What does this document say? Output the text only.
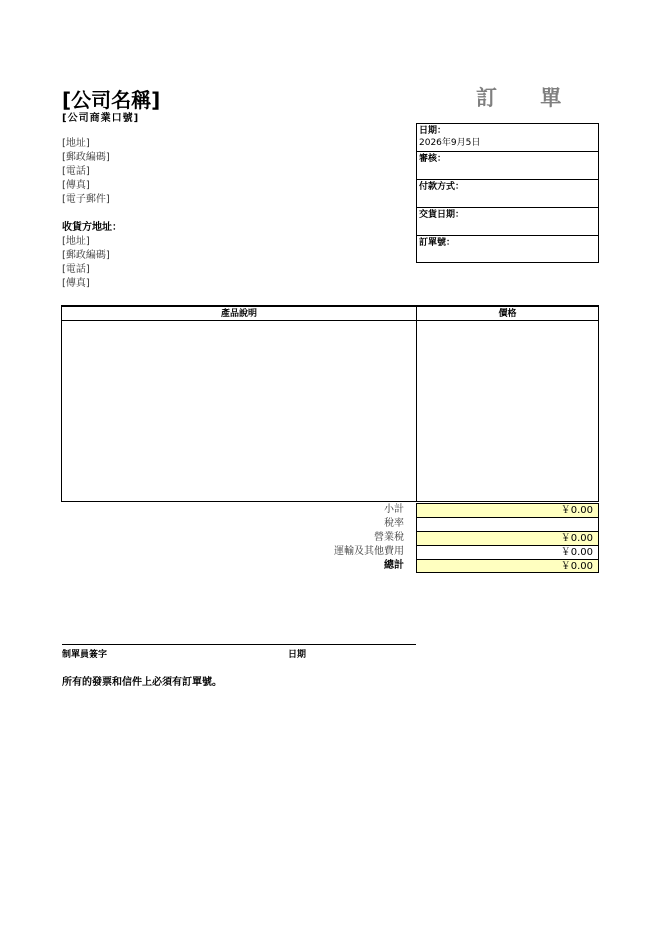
[公司名稱]
[公司商業口號]
訂 單
[地址]
[郵政編碼]
[電話]
[傳真]
[電子郵件]
收貨方地址：
[地址]
[郵政編碼]
[電話]
[傳真]
日期：
2026年9月5日
審核：
付款方式：
交貨日期：
訂單號：
產品說明	價格
小計	￥0.00
稅率
營業稅	￥0.00
運輸及其他費用	￥0.00
總計	￥0.00
制單員簽字	日期
所有的發票和信件上必須有訂單號。
